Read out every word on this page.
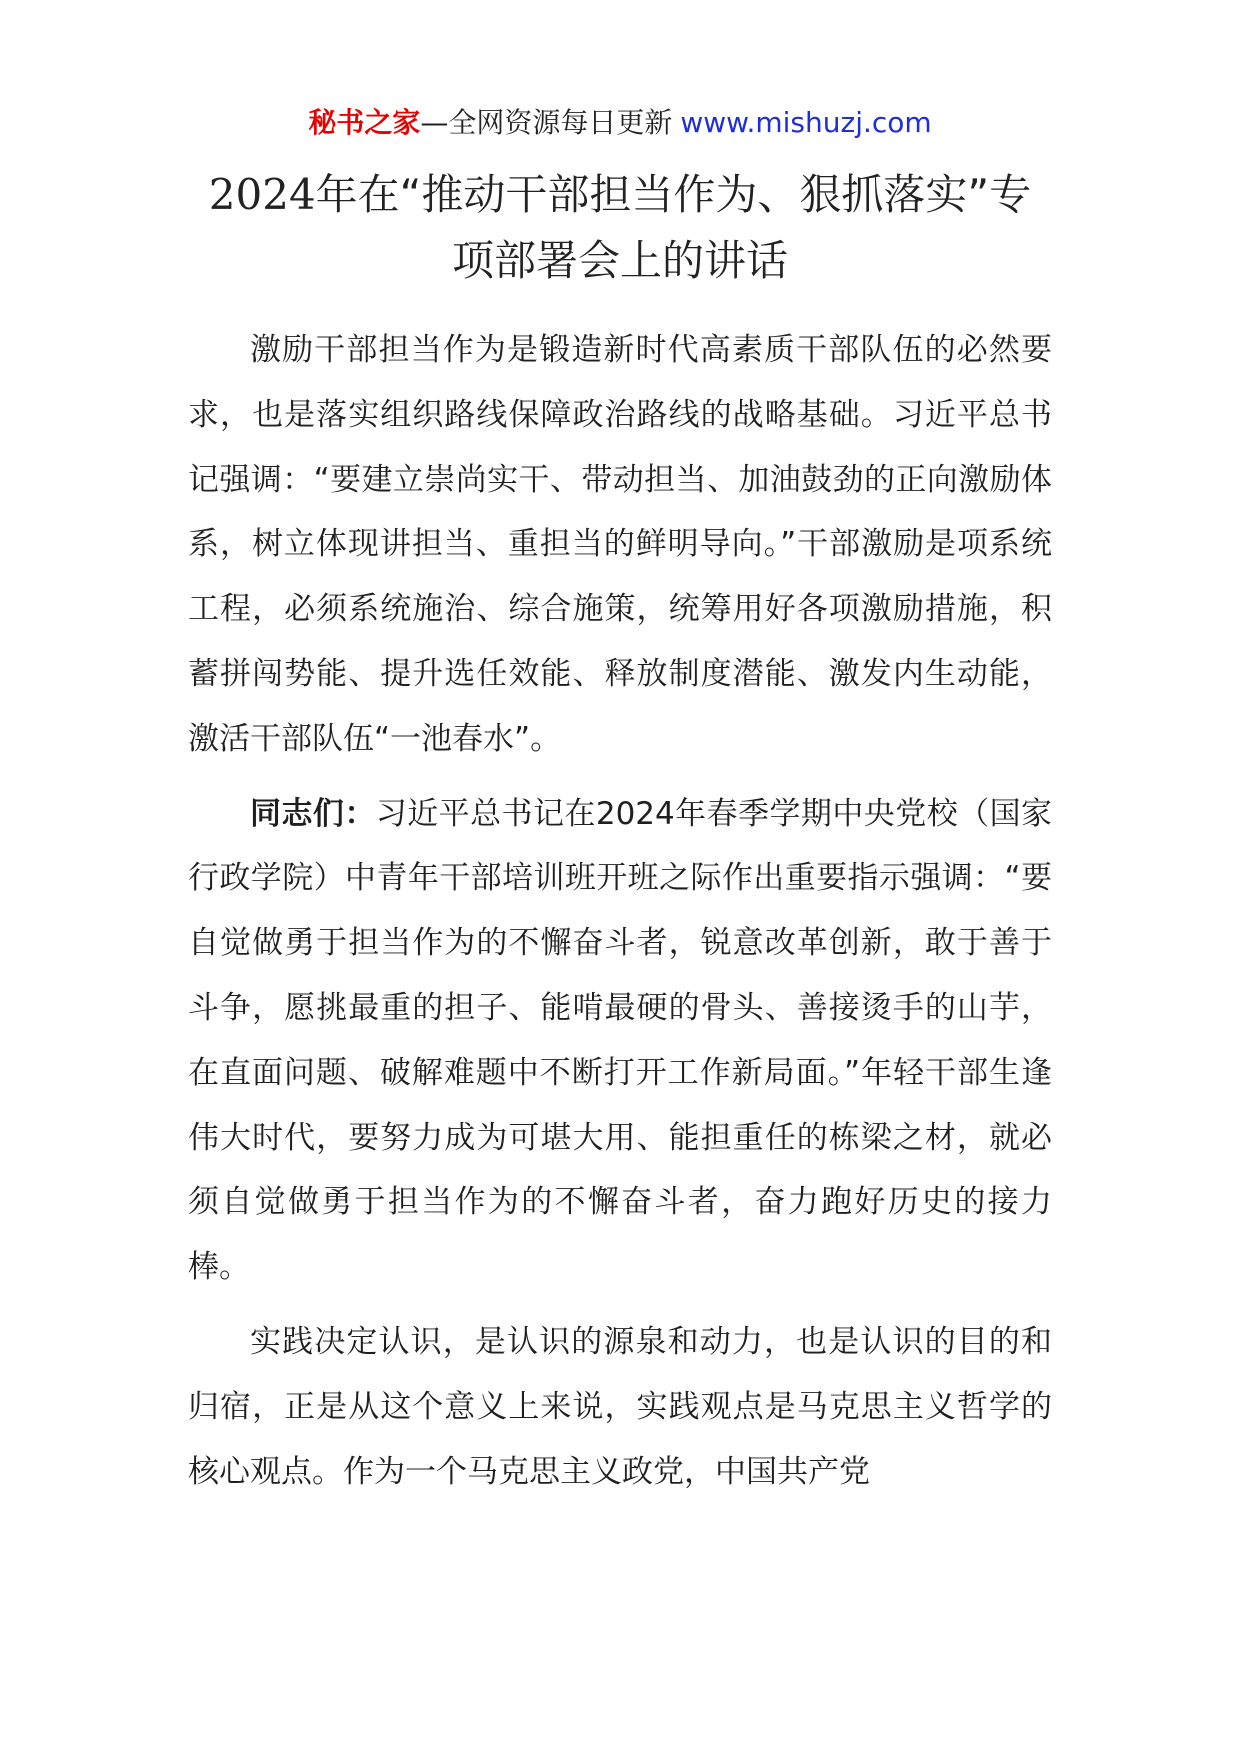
秘书之家—全网资源每日更新 www.mishuzj.com
2024年在“推动干部担当作为、狠抓落实”专项部署会上的讲话

激励干部担当作为是锻造新时代高素质干部队伍的必然要求，也是落实组织路线保障政治路线的战略基础。习近平总书记强调：“要建立崇尚实干、带动担当、加油鼓劲的正向激励体系，树立体现讲担当、重担当的鲜明导向。”干部激励是项系统工程，必须系统施治、综合施策，统筹用好各项激励措施，积蓄拼闯势能、提升选任效能、释放制度潜能、激发内生动能，激活干部队伍“一池春水”。

同志们：习近平总书记在2024年春季学期中央党校（国家行政学院）中青年干部培训班开班之际作出重要指示强调：“要自觉做勇于担当作为的不懈奋斗者，锐意改革创新，敢于善于斗争，愿挑最重的担子、能啃最硬的骨头、善接烫手的山芋，在直面问题、破解难题中不断打开工作新局面。”年轻干部生逢伟大时代，要努力成为可堪大用、能担重任的栋梁之材，就必须自觉做勇于担当作为的不懈奋斗者，奋力跑好历史的接力棒。

实践决定认识，是认识的源泉和动力，也是认识的目的和归宿，正是从这个意义上来说，实践观点是马克思主义哲学的核心观点。作为一个马克思主义政党，中国共产党
